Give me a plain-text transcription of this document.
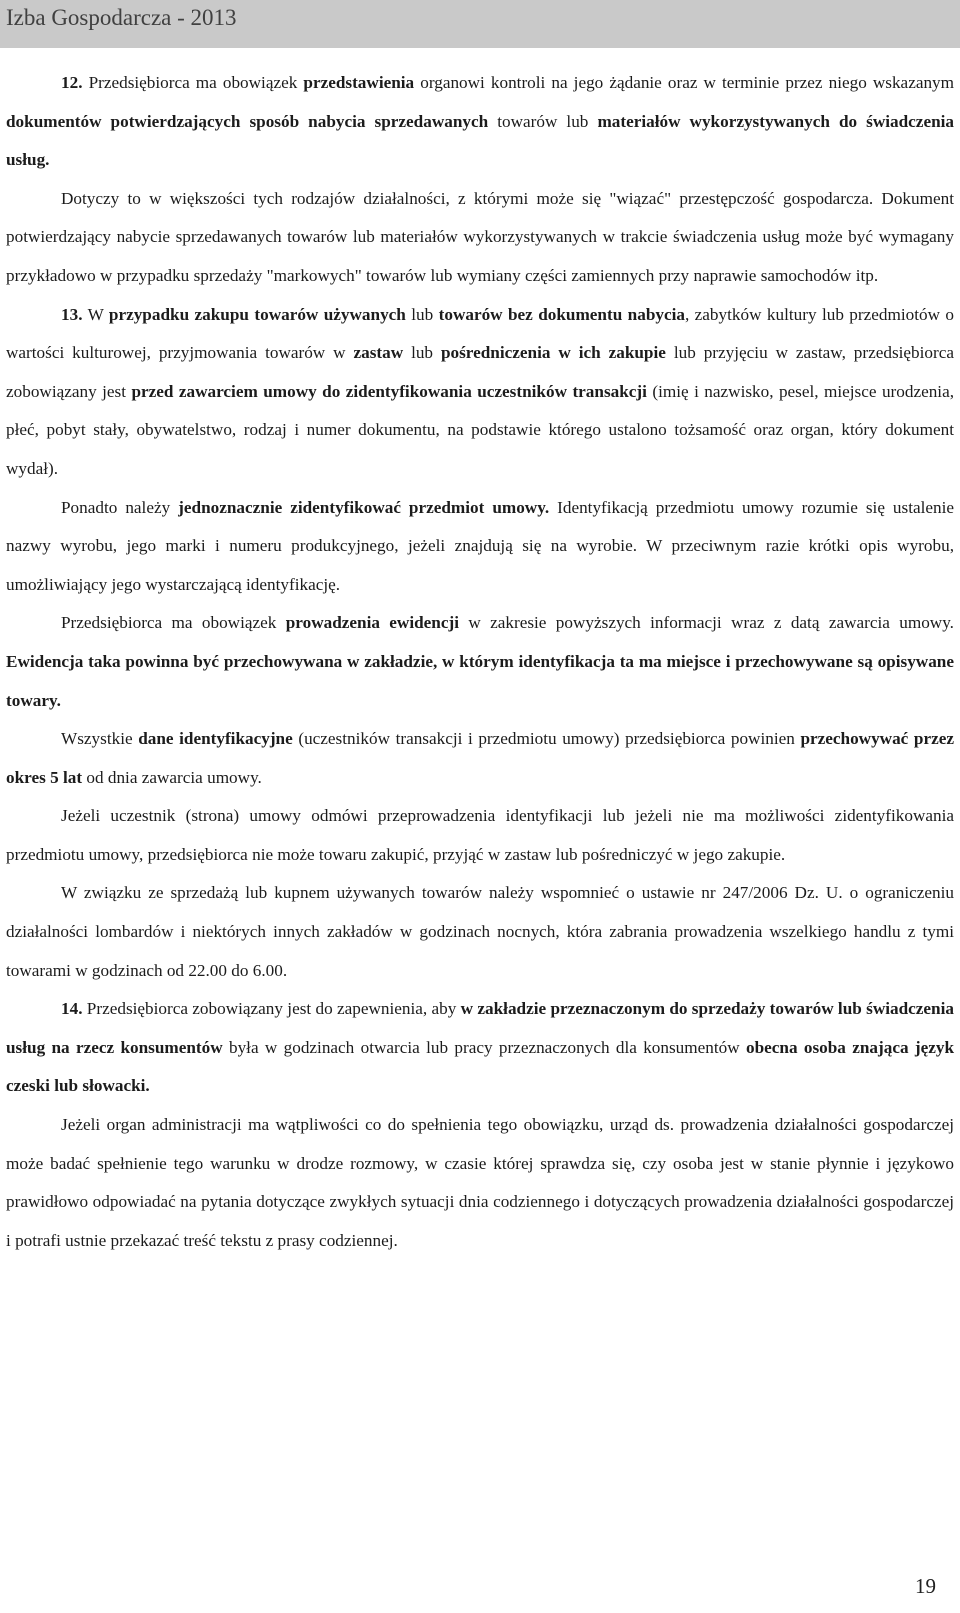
Izba Gospodarcza - 2013

12. Przedsiębiorca ma obowiązek przedstawienia organowi kontroli na jego żądanie oraz w terminie przez niego wskazanym dokumentów potwierdzających sposób nabycia sprzedawanych towarów lub materiałów wykorzystywanych do świadczenia usług.

Dotyczy to w większości tych rodzajów działalności, z którymi może się "wiązać" przestępczość gospodarcza. Dokument potwierdzający nabycie sprzedawanych towarów lub materiałów wykorzystywanych w trakcie świadczenia usług może być wymagany przykładowo w przypadku sprzedaży "markowych" towarów lub wymiany części zamiennych przy naprawie samochodów itp.

13. W przypadku zakupu towarów używanych lub towarów bez dokumentu nabycia, zabytków kultury lub przedmiotów o wartości kulturowej, przyjmowania towarów w zastaw lub pośredniczenia w ich zakupie lub przyjęciu w zastaw, przedsiębiorca zobowiązany jest przed zawarciem umowy do zidentyfikowania uczestników transakcji (imię i nazwisko, pesel, miejsce urodzenia, płeć, pobyt stały, obywatelstwo, rodzaj i numer dokumentu, na podstawie którego ustalono tożsamość oraz organ, który dokument wydał).

Ponadto należy jednoznacznie zidentyfikować przedmiot umowy. Identyfikacją przedmiotu umowy rozumie się ustalenie nazwy wyrobu, jego marki i numeru produkcyjnego, jeżeli znajdują się na wyrobie. W przeciwnym razie krótki opis wyrobu, umożliwiający jego wystarczającą identyfikację.

Przedsiębiorca ma obowiązek prowadzenia ewidencji w zakresie powyższych informacji wraz z datą zawarcia umowy. Ewidencja taka powinna być przechowywana w zakładzie, w którym identyfikacja ta ma miejsce i przechowywane są opisywane towary.

Wszystkie dane identyfikacyjne (uczestników transakcji i przedmiotu umowy) przedsiębiorca powinien przechowywać przez okres 5 lat od dnia zawarcia umowy.

Jeżeli uczestnik (strona) umowy odmówi przeprowadzenia identyfikacji lub jeżeli nie ma możliwości zidentyfikowania przedmiotu umowy, przedsiębiorca nie może towaru zakupić, przyjąć w zastaw lub pośredniczyć w jego zakupie.

W związku ze sprzedażą lub kupnem używanych towarów należy wspomnieć o ustawie nr 247/2006 Dz. U. o ograniczeniu działalności lombardów i niektórych innych zakładów w godzinach nocnych, która zabrania prowadzenia wszelkiego handlu z tymi towarami w godzinach od 22.00 do 6.00.

14. Przedsiębiorca zobowiązany jest do zapewnienia, aby w zakładzie przeznaczonym do sprzedaży towarów lub świadczenia usług na rzecz konsumentów była w godzinach otwarcia lub pracy przeznaczonych dla konsumentów obecna osoba znająca język czeski lub słowacki.

Jeżeli organ administracji ma wątpliwości co do spełnienia tego obowiązku, urząd ds. prowadzenia działalności gospodarczej może badać spełnienie tego warunku w drodze rozmowy, w czasie której sprawdza się, czy osoba jest w stanie płynnie i językowo prawidłowo odpowiadać na pytania dotyczące zwykłych sytuacji dnia codziennego i dotyczących prowadzenia działalności gospodarczej i potrafi ustnie przekazać treść tekstu z prasy codziennej.

19
